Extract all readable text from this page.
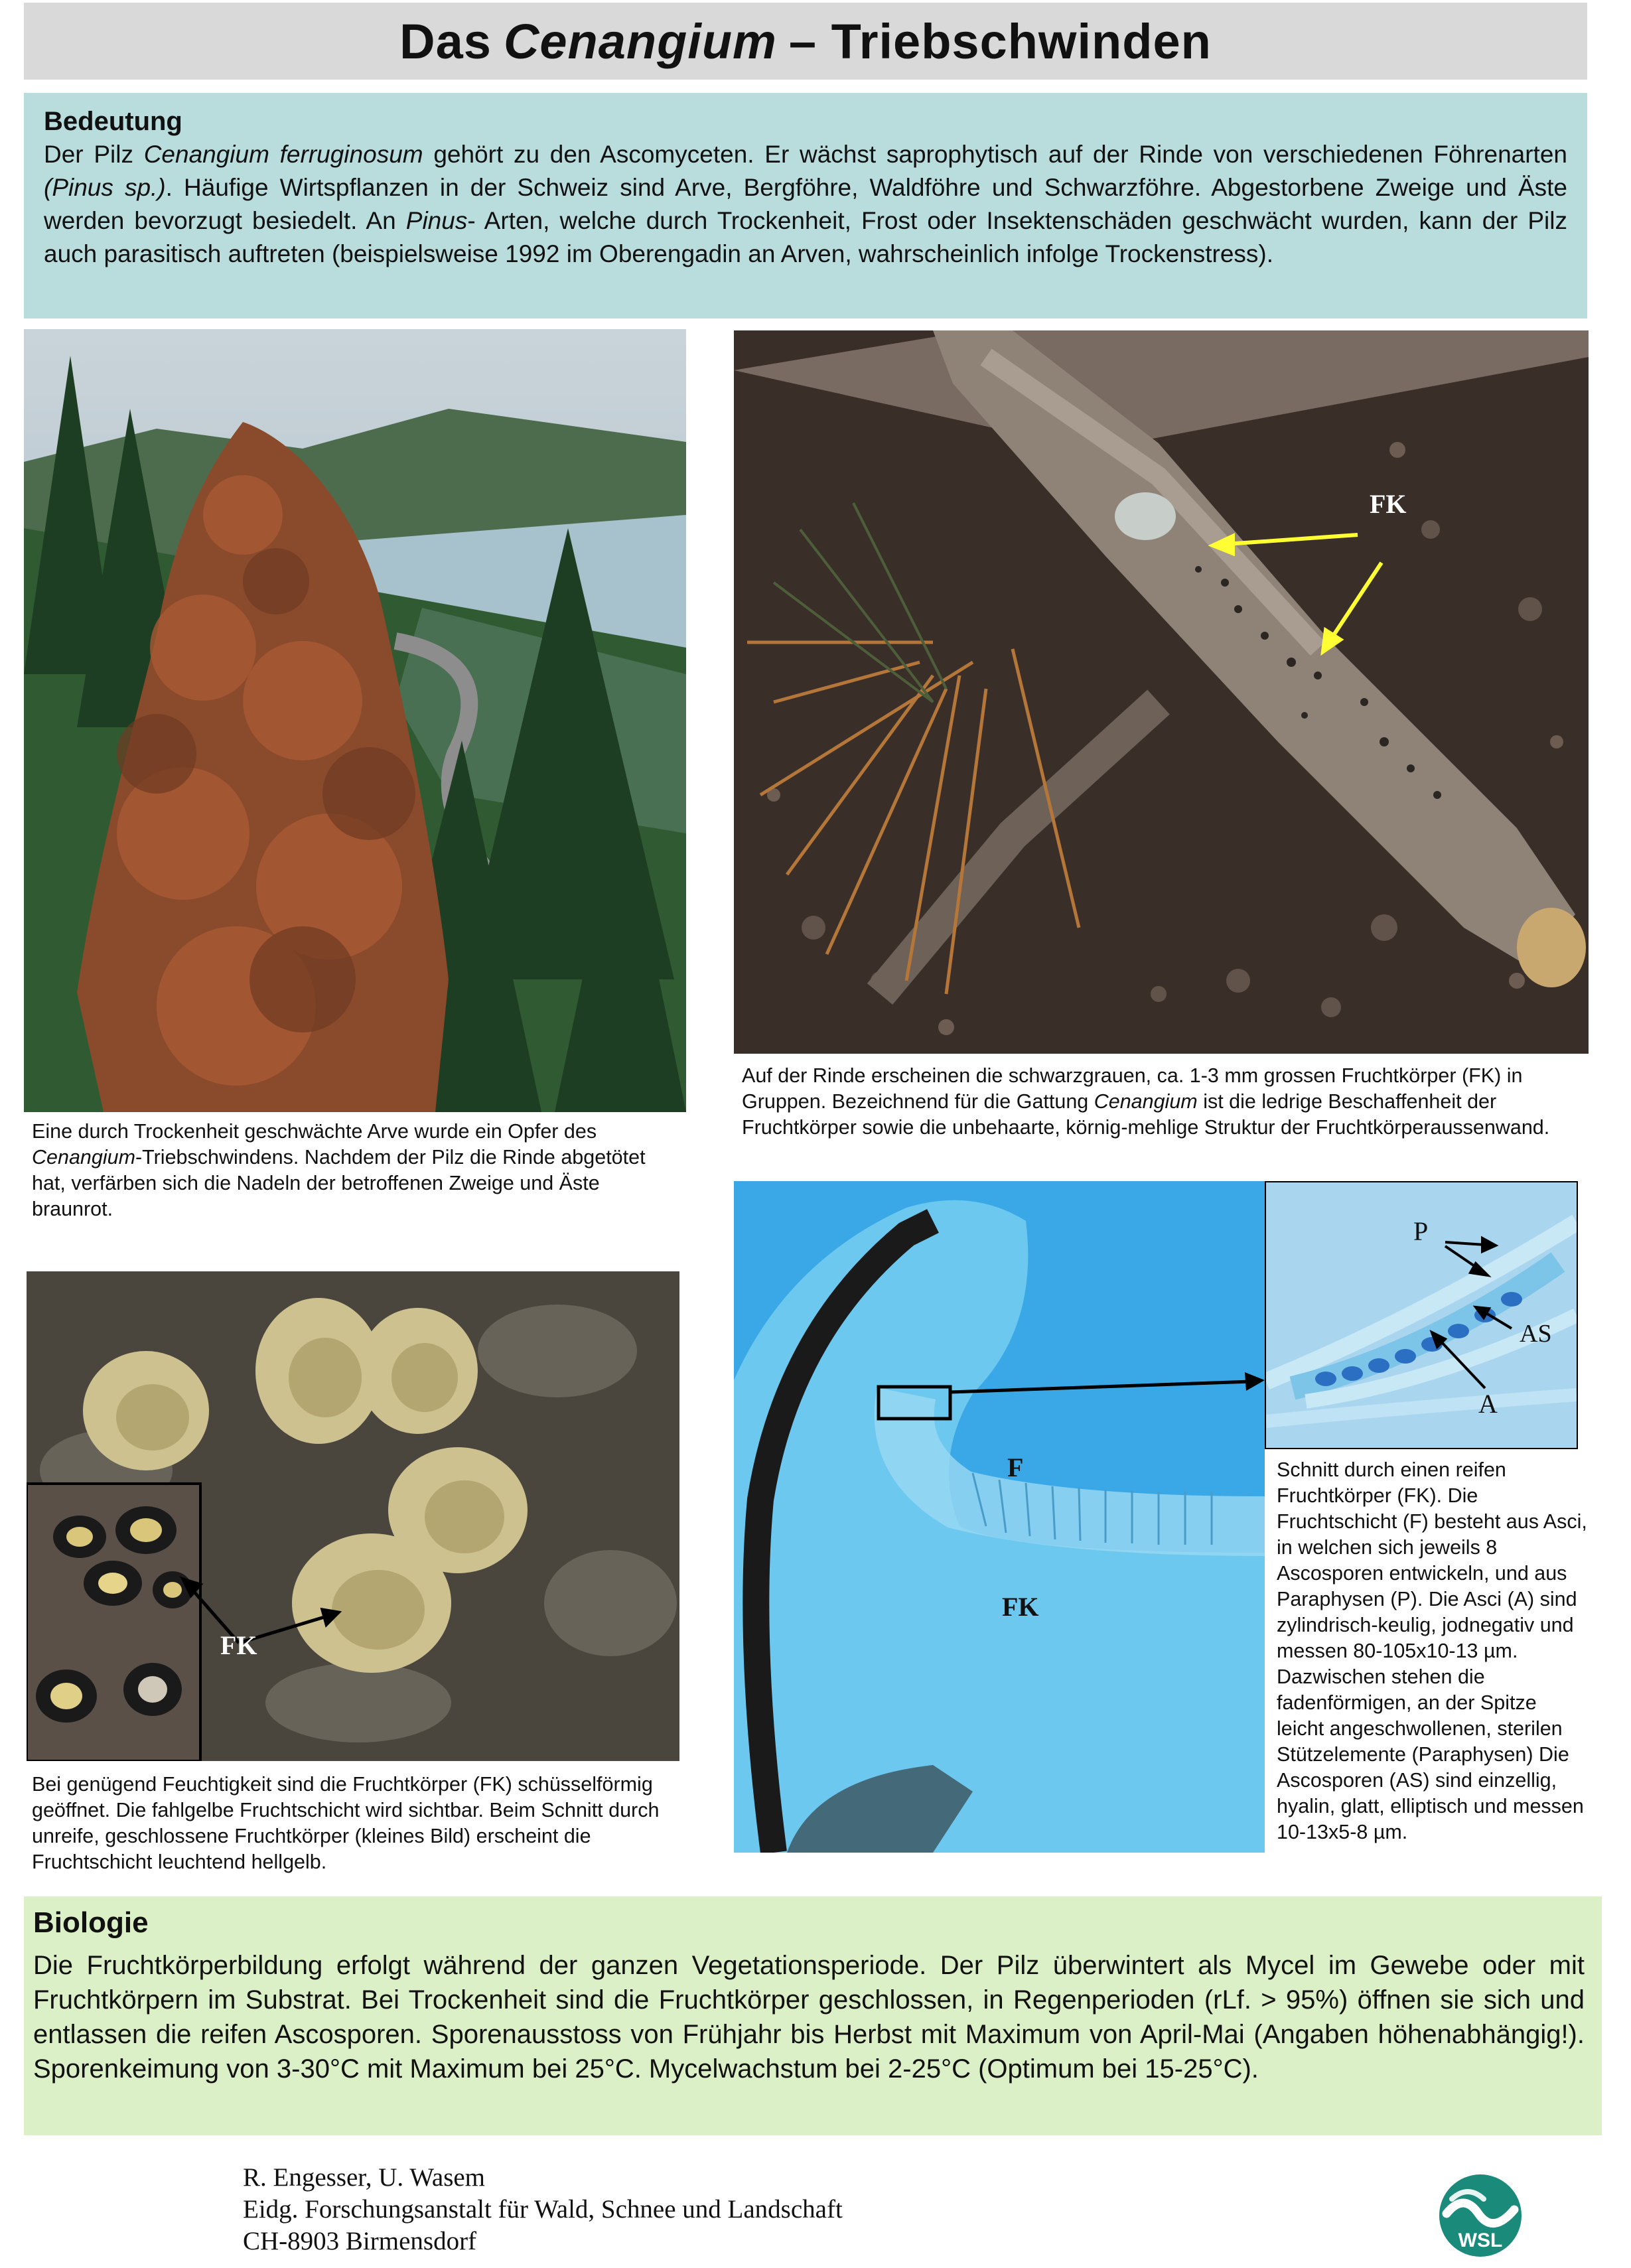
Das Cenangium – Triebschwinden
Bedeutung

Der Pilz Cenangium ferruginosum gehört zu den Ascomyceten. Er wächst saprophytisch auf der Rinde von verschiedenen Föhrenarten (Pinus sp.). Häufige Wirtspflanzen in der Schweiz sind Arve, Bergföhre, Waldföhre und Schwarzföhre. Abgestorbene Zweige und Äste werden bevorzugt besiedelt. An Pinus- Arten, welche durch Trockenheit, Frost oder Insektenschäden geschwächt wurden, kann der Pilz auch parasitisch auftreten (beispielsweise 1992 im Oberengadin an Arven, wahrscheinlich infolge Trockenstress).

Eine durch Trockenheit geschwächte Arve wurde ein Opfer des Cenangium-Triebschwindens. Nachdem der Pilz die Rinde abgetötet hat, verfärben sich die Nadeln der betroffenen Zweige und Äste braunrot.
FK
Auf der Rinde erscheinen die schwarzgrauen, ca. 1-3 mm grossen Fruchtkörper (FK) in Gruppen. Bezeichnend für die Gattung Cenangium ist die ledrige Beschaffenheit der Fruchtkörper sowie die unbehaarte, körnig-mehlige Struktur der Fruchtkörperaussenwand.
FK
Bei genügend Feuchtigkeit sind die Fruchtkörper (FK) schüsselförmig geöffnet. Die fahlgelbe Fruchtschicht wird sichtbar. Beim Schnitt durch unreife, geschlossene Fruchtkörper (kleines Bild) erscheint die Fruchtschicht leuchtend hellgelb.
F
FK
P
AS
A
Schnitt durch einen reifen Fruchtkörper (FK). Die Fruchtschicht (F) besteht aus Asci, in welchen sich jeweils 8 Ascosporen entwickeln, und aus Paraphysen (P). Die Asci (A) sind zylindrisch-keulig, jodnegativ und messen 80-105x10-13 µm. Dazwischen stehen die fadenförmigen, an der Spitze leicht angeschwollenen, sterilen Stützelemente (Paraphysen) Die Ascosporen (AS) sind einzellig, hyalin, glatt, elliptisch und messen 10-13x5-8 µm.
Biologie

Die Fruchtkörperbildung erfolgt während der ganzen Vegetationsperiode. Der Pilz überwintert als Mycel im Gewebe oder mit Fruchtkörpern im Substrat. Bei Trockenheit sind die Fruchtkörper geschlossen, in Regenperioden (rLf. > 95%) öffnen sie sich und entlassen die reifen Ascosporen. Sporenausstoss von Frühjahr bis Herbst mit Maximum von April-Mai (Angaben höhenabhängig!). Sporenkeimung von 3-30°C mit Maximum bei 25°C. Mycelwachstum bei 2-25°C (Optimum bei 15-25°C).

R. Engesser, U. Wasem
Eidg. Forschungsanstalt für Wald, Schnee und Landschaft
CH-8903 Birmensdorf	WSL
